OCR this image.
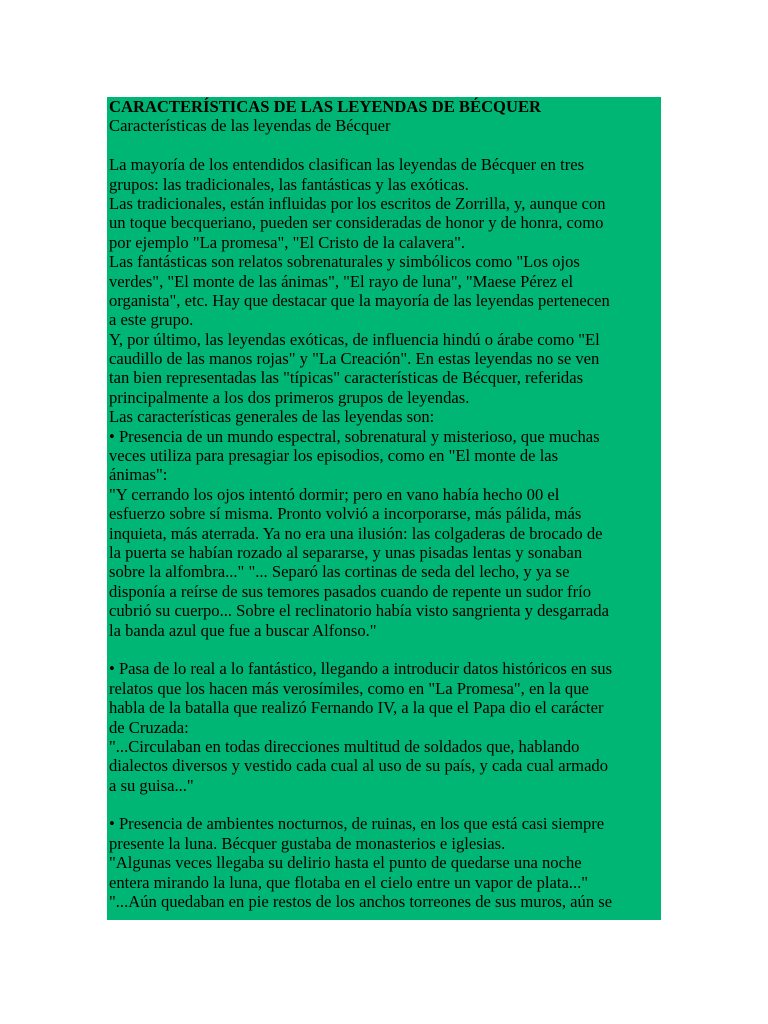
CARACTERÍSTICAS DE LAS LEYENDAS DE BÉCQUER
Características de las leyendas de Bécquer
La mayoría de los entendidos clasifican las leyendas de Bécquer en tres
grupos: las tradicionales, las fantásticas y las exóticas.
Las tradicionales, están influidas por los escritos de Zorrilla, y, aunque con
un toque becqueriano, pueden ser consideradas de honor y de honra, como
por ejemplo "La promesa", "El Cristo de la calavera".
Las fantásticas son relatos sobrenaturales y simbólicos como "Los ojos
verdes", "El monte de las ánimas", "El rayo de luna", "Maese Pérez el
organista", etc. Hay que destacar que la mayoría de las leyendas pertenecen
a este grupo.
Y, por último, las leyendas exóticas, de influencia hindú o árabe como "El
caudillo de las manos rojas" y "La Creación". En estas leyendas no se ven
tan bien representadas las "típicas" características de Bécquer, referidas
principalmente a los dos primeros grupos de leyendas.
Las características generales de las leyendas son:
• Presencia de un mundo espectral, sobrenatural y misterioso, que muchas
veces utiliza para presagiar los episodios, como en "El monte de las
ánimas":
"Y cerrando los ojos intentó dormir; pero en vano había hecho 00 el
esfuerzo sobre sí misma. Pronto volvió a incorporarse, más pálida, más
inquieta, más aterrada. Ya no era una ilusión: las colgaderas de brocado de
la puerta se habían rozado al separarse, y unas pisadas lentas y sonaban
sobre la alfombra..." "... Separó las cortinas de seda del lecho, y ya se
disponía a reírse de sus temores pasados cuando de repente un sudor frío
cubrió su cuerpo... Sobre el reclinatorio había visto sangrienta y desgarrada
la banda azul que fue a buscar Alfonso."
• Pasa de lo real a lo fantástico, llegando a introducir datos históricos en sus
relatos que los hacen más verosímiles, como en "La Promesa", en la que
habla de la batalla que realizó Fernando IV, a la que el Papa dio el carácter
de Cruzada:
"...Circulaban en todas direcciones multitud de soldados que, hablando
dialectos diversos y vestido cada cual al uso de su país, y cada cual armado
a su guisa..."
• Presencia de ambientes nocturnos, de ruinas, en los que está casi siempre
presente la luna. Bécquer gustaba de monasterios e iglesias.
"Algunas veces llegaba su delirio hasta el punto de quedarse una noche
entera mirando la luna, que flotaba en el cielo entre un vapor de plata..."
"...Aún quedaban en pie restos de los anchos torreones de sus muros, aún se
